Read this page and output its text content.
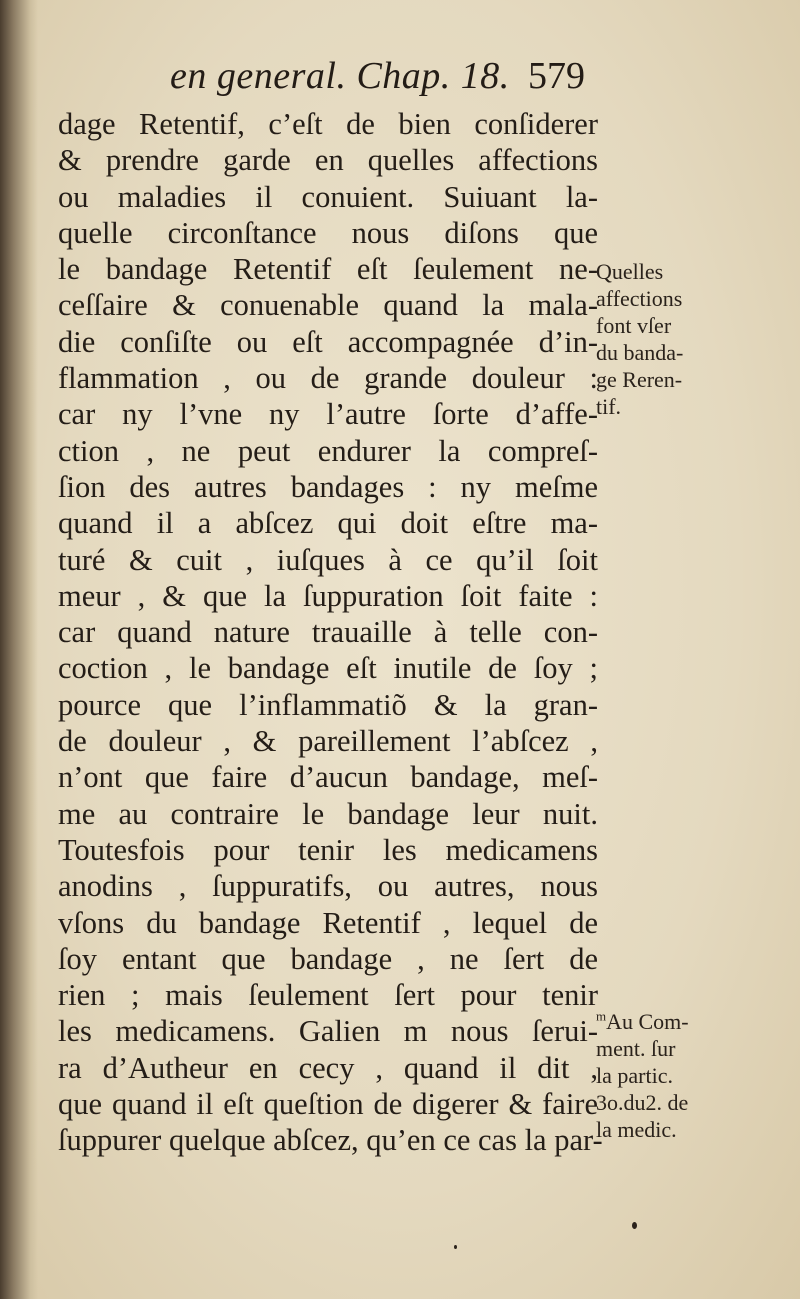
en general. Chap. 18. 579
dage Retentif, c’eſt de bien conſiderer
& prendre garde en quelles affections
ou maladies il conuient. Suiuant la-
quelle circonſtance nous diſons que
le bandage Retentif eſt ſeulement ne-
ceſſaire & conuenable quand la mala-
die conſiſte ou eſt accompagnée d’in-
flammation , ou de grande douleur :
car ny l’vne ny l’autre ſorte d’affe-
ction , ne peut endurer la compreſ-
ſion des autres bandages : ny meſme
quand il a abſcez qui doit eſtre ma-
turé & cuit , iuſques à ce qu’il ſoit
meur , & que la ſuppuration ſoit faite :
car quand nature trauaille à telle con-
coction , le bandage eſt inutile de ſoy ;
pource que l’inflammatiõ & la gran-
de douleur , & pareillement l’abſcez ,
n’ont que faire d’aucun bandage, meſ-
me au contraire le bandage leur nuit.
Toutesfois pour tenir les medicamens
anodins , ſuppuratifs, ou autres, nous
vſons du bandage Retentif , lequel de
ſoy entant que bandage , ne ſert de
rien ; mais ſeulement ſert pour tenir
les medicamens. Galien m nous ſerui-
ra d’Autheur en cecy , quand il dit ,
que quand il eſt queſtion de digerer & faire
ſuppurer quelque abſcez, qu’en ce cas la par-
Quelles
affections
font vſer
du banda-
ge Reren-
tif.
$^m$Au Com-
ment. ſur
la partic.
3o.du2. de
la medic.
